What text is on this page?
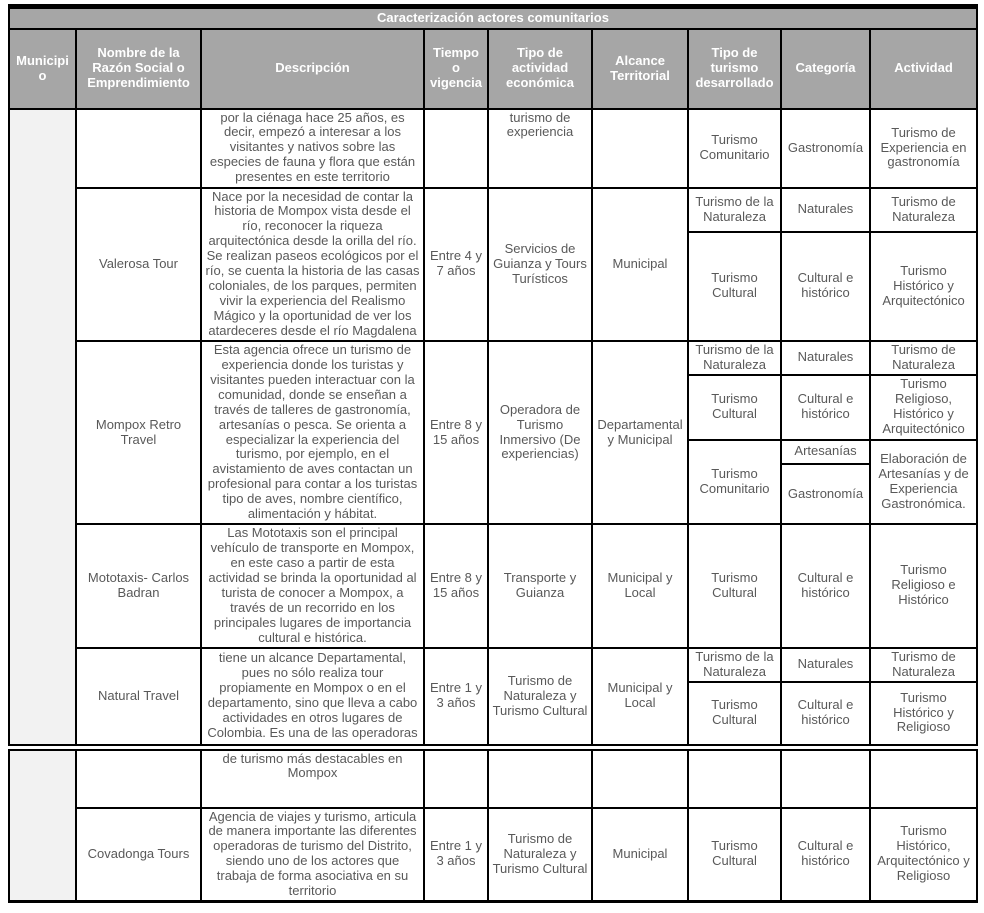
Caracterización actores comunitarios								
Municipio	Nombre de la Razón Social o Emprendimiento	Descripción	Tiempo o vigencia	Tipo de actividad económica	Alcance Territorial	Tipo de turismo desarrollado	Categoría	Actividad
		por la ciénaga hace 25 años, es decir, empezó a interesar a los visitantes y nativos sobre las especies de fauna y flora que están presentes en este territorio		turismo de experiencia		Turismo Comunitario	Gastronomía	Turismo de Experiencia en gastronomía
	Valerosa Tour	Nace por la necesidad de contar la historia de Mompox vista desde el río, reconocer la riqueza arquitectónica desde la orilla del río. Se realizan paseos ecológicos por el río, se cuenta la historia de las casas coloniales, de los parques, permiten vivir la experiencia del Realismo Mágico y la oportunidad de ver los atardeceres desde el río Magdalena	Entre 4 y 7 años	Servicios de Guianza y Tours Turísticos	Municipal	Turismo de la Naturaleza	Naturales	Turismo de Naturaleza
						Turismo Cultural	Cultural e histórico	Turismo Histórico y Arquitectónico
	Mompox Retro Travel	Esta agencia ofrece un turismo de experiencia donde los turistas y visitantes pueden interactuar con la comunidad, donde se enseñan a través de talleres de gastronomía, artesanías o pesca. Se orienta a especializar la experiencia del turismo, por ejemplo, en el avistamiento de aves contactan un profesional para contar a los turistas tipo de aves, nombre científico, alimentación y hábitat.	Entre 8 y 15 años	Operadora de Turismo Inmersivo (De experiencias)	Departamental y Municipal	Turismo de la Naturaleza	Naturales	Turismo de Naturaleza
						Turismo Cultural	Cultural e histórico	Turismo Religioso, Histórico y Arquitectónico
						Turismo Comunitario	Artesanías	Elaboración de Artesanías y de Experiencia Gastronómica.
							Gastronomía	
	Mototaxis- Carlos Badran	Las Mototaxis son el principal vehículo de transporte en Mompox, en este caso a partir de esta actividad se brinda la oportunidad al turista de conocer a Mompox, a través de un recorrido en los principales lugares de importancia cultural e histórica.	Entre 8 y 15 años	Transporte y Guianza	Municipal y Local	Turismo Cultural	Cultural e histórico	Turismo Religioso e Histórico
	Natural Travel	tiene un alcance Departamental, pues no sólo realiza tour propiamente en Mompox o en el departamento, sino que lleva a cabo actividades en otros lugares de Colombia. Es una de las operadoras	Entre 1 y 3 años	Turismo de Naturaleza y Turismo Cultural	Municipal y Local	Turismo de la Naturaleza	Naturales	Turismo de Naturaleza
						Turismo Cultural	Cultural e histórico	Turismo Histórico y Religioso
		de turismo más destacables en Mompox						
	Covadonga Tours	Agencia de viajes y turismo, articula de manera importante las diferentes operadoras de turismo del Distrito, siendo uno de los actores que trabaja de forma asociativa en su territorio	Entre 1 y 3 años	Turismo de Naturaleza y Turismo Cultural	Municipal	Turismo Cultural	Cultural e histórico	Turismo Histórico, Arquitectónico y Religioso
